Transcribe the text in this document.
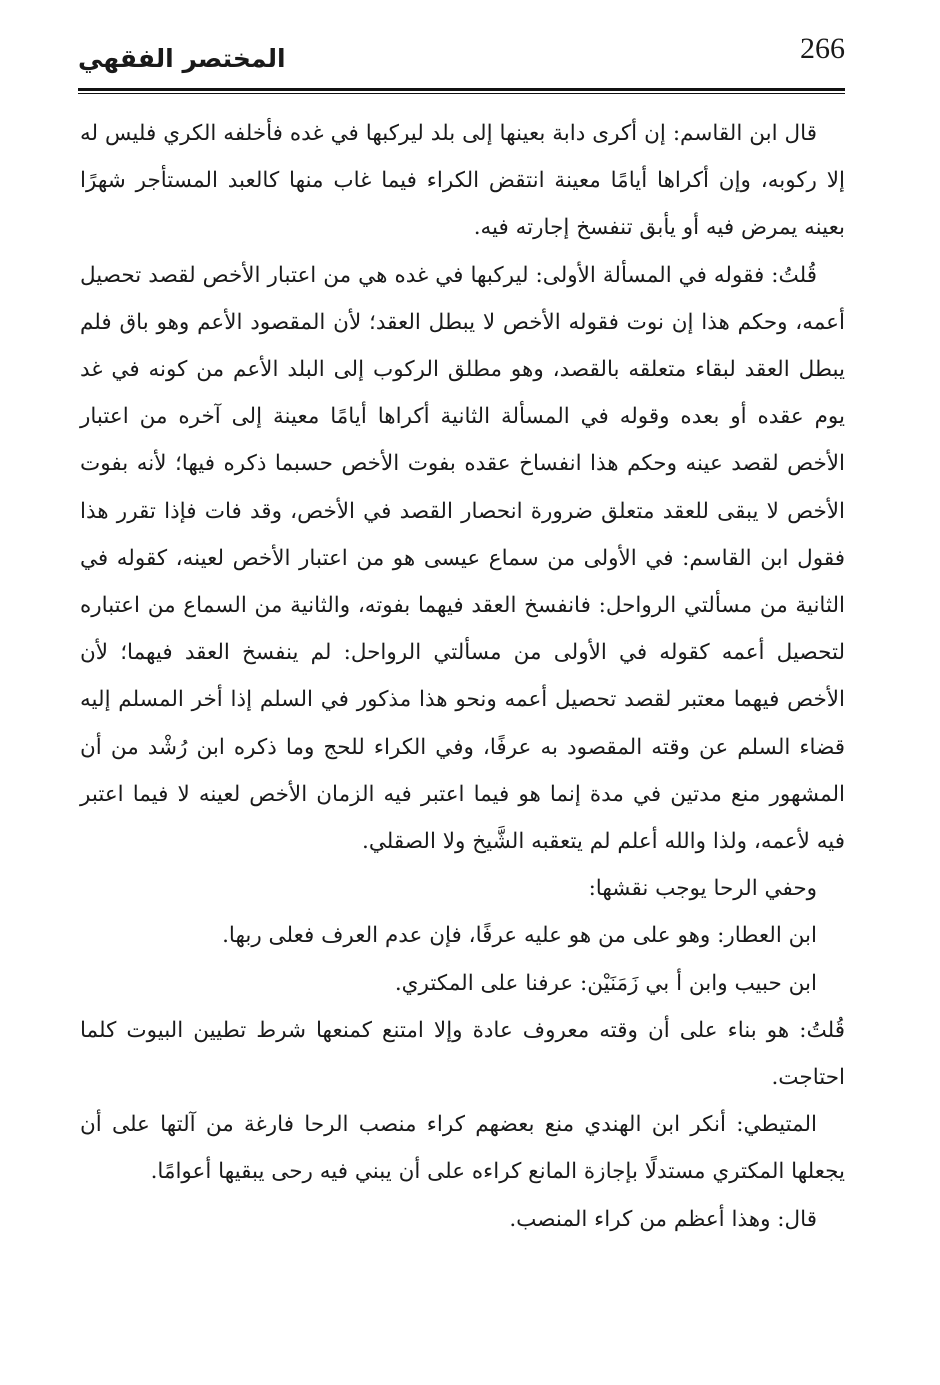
266
المختصر الفقهي

قال ابن القاسم: إن أكرى دابة بعينها إلى بلد ليركبها في غده فأخلفه الكري فليس له إلا ركوبه، وإن أكراها أيامًا معينة انتقض الكراء فيما غاب منها كالعبد المستأجر شهرًا بعينه يمرض فيه أو يأبق تنفسخ إجارته فيه.

قُلتُ: فقوله في المسألة الأولى: ليركبها في غده هي من اعتبار الأخص لقصد تحصيل أعمه، وحكم هذا إن نوت فقوله الأخص لا يبطل العقد؛ لأن المقصود الأعم وهو باق فلم يبطل العقد لبقاء متعلقه بالقصد، وهو مطلق الركوب إلى البلد الأعم من كونه في غد يوم عقده أو بعده وقوله في المسألة الثانية أكراها أيامًا معينة إلى آخره من اعتبار الأخص لقصد عينه وحكم هذا انفساخ عقده بفوت الأخص حسبما ذكره فيها؛ لأنه بفوت الأخص لا يبقى للعقد متعلق ضرورة انحصار القصد في الأخص، وقد فات فإذا تقرر هذا فقول ابن القاسم: في الأولى من سماع عيسى هو من اعتبار الأخص لعينه، كقوله في الثانية من مسألتي الرواحل: فانفسخ العقد فيهما بفوته، والثانية من السماع من اعتباره لتحصيل أعمه كقوله في الأولى من مسألتي الرواحل: لم ينفسخ العقد فيهما؛ لأن الأخص فيهما معتبر لقصد تحصيل أعمه ونحو هذا مذكور في السلم إذا أخر المسلم إليه قضاء السلم عن وقته المقصود به عرفًا، وفي الكراء للحج وما ذكره ابن رُشْد من أن المشهور منع مدتين في مدة إنما هو فيما اعتبر فيه الزمان الأخص لعينه لا فيما اعتبر فيه لأعمه، ولذا والله أعلم لم يتعقبه الشَّيخ ولا الصقلي.

وحفي الرحا يوجب نقشها:

ابن العطار: وهو على من هو عليه عرفًا، فإن عدم العرف فعلى ربها.

ابن حبيب وابن أ بي زَمَنَيْن: عرفنا على المكتري.

قُلتُ: هو بناء على أن وقته معروف عادة وإلا امتنع كمنعها شرط تطيين البيوت كلما احتاجت.

المتيطي: أنكر ابن الهندي منع بعضهم كراء منصب الرحا فارغة من آلتها على أن يجعلها المكتري مستدلًا بإجازة المانع كراءه على أن يبني فيه رحى يبقيها أعوامًا.

قال: وهذا أعظم من كراء المنصب.
